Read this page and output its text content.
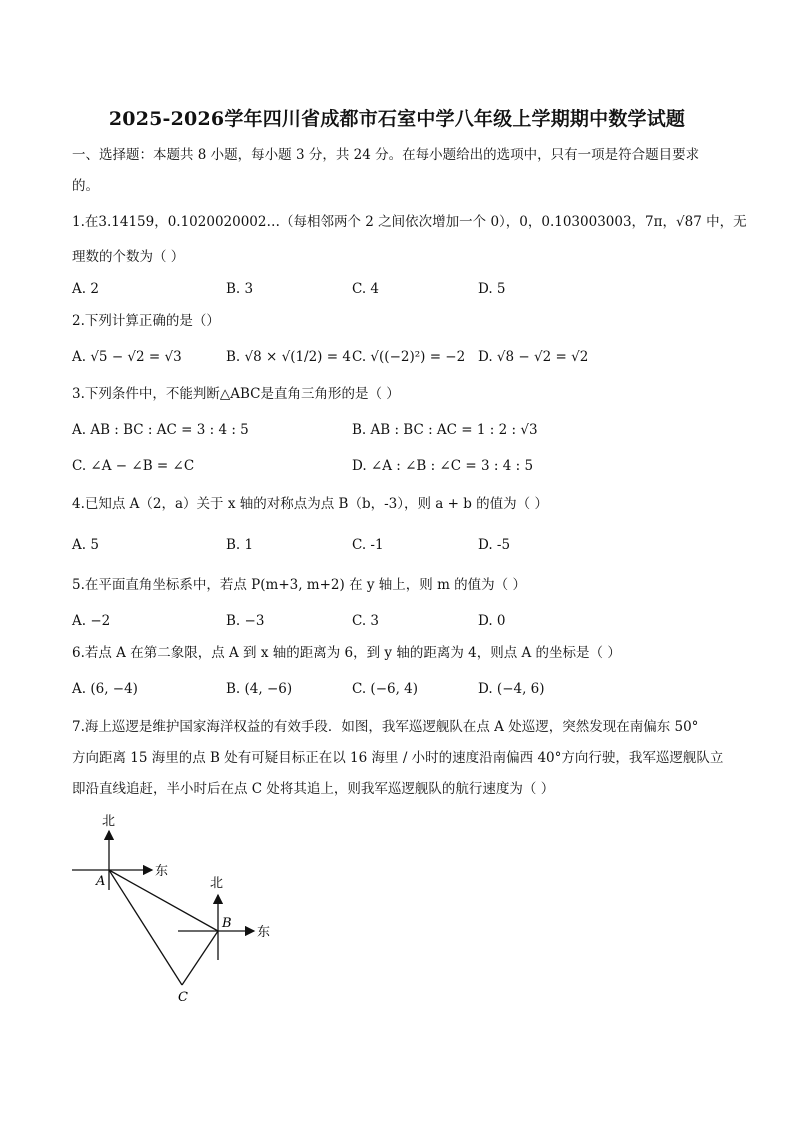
2025-2026学年四川省成都市石室中学八年级上学期期中数学试题
一、选择题：本题共 8 小题，每小题 3 分，共 24 分。在每小题给出的选项中，只有一项是符合题目要求
的。
1.在3.14159，0.1020020002…（每相邻两个 2 之间依次增加一个 0），0，0.103003003，7π，√87 中，无
理数的个数为（ ）
A. 2	B. 3	C. 4	D. 5
2.下列计算正确的是（）
A. √5 − √2 = √3	B. √8 × √(1/2) = 4 C. √((−2)²) = −2 D. √8 − √2 = √2
3.下列条件中，不能判断△ABC是直角三角形的是（ ）
A. AB : BC : AC = 3 : 4 : 5	B. AB : BC : AC = 1 : 2 : √3
C. ∠A − ∠B = ∠C	D. ∠A : ∠B : ∠C = 3 : 4 : 5
4.已知点 A（2，a）关于 x 轴的对称点为点 B（b，-3），则 a + b 的值为（ ）
A. 5	B. 1	C. -1	D. -5
5.在平面直角坐标系中，若点 P(m+3, m+2) 在 y 轴上，则 m 的值为（ ）
A. −2	B. −3	C. 3	D. 0
6.若点 A 在第二象限，点 A 到 x 轴的距离为 6，到 y 轴的距离为 4，则点 A 的坐标是（ ）
A. (6, −4)	B. (4, −6)	C. (−6, 4)	D. (−4, 6)
7.海上巡逻是维护国家海洋权益的有效手段．如图，我军巡逻舰队在点 A 处巡逻，突然发现在南偏东 50°
方向距离 15 海里的点 B 处有可疑目标正在以 16 海里 / 小时的速度沿南偏西 40°方向行驶，我军巡逻舰队立
即沿直线追赶，半小时后在点 C 处将其追上，则我军巡逻舰队的航行速度为（ ）
北
东
A	北
东
B
C
